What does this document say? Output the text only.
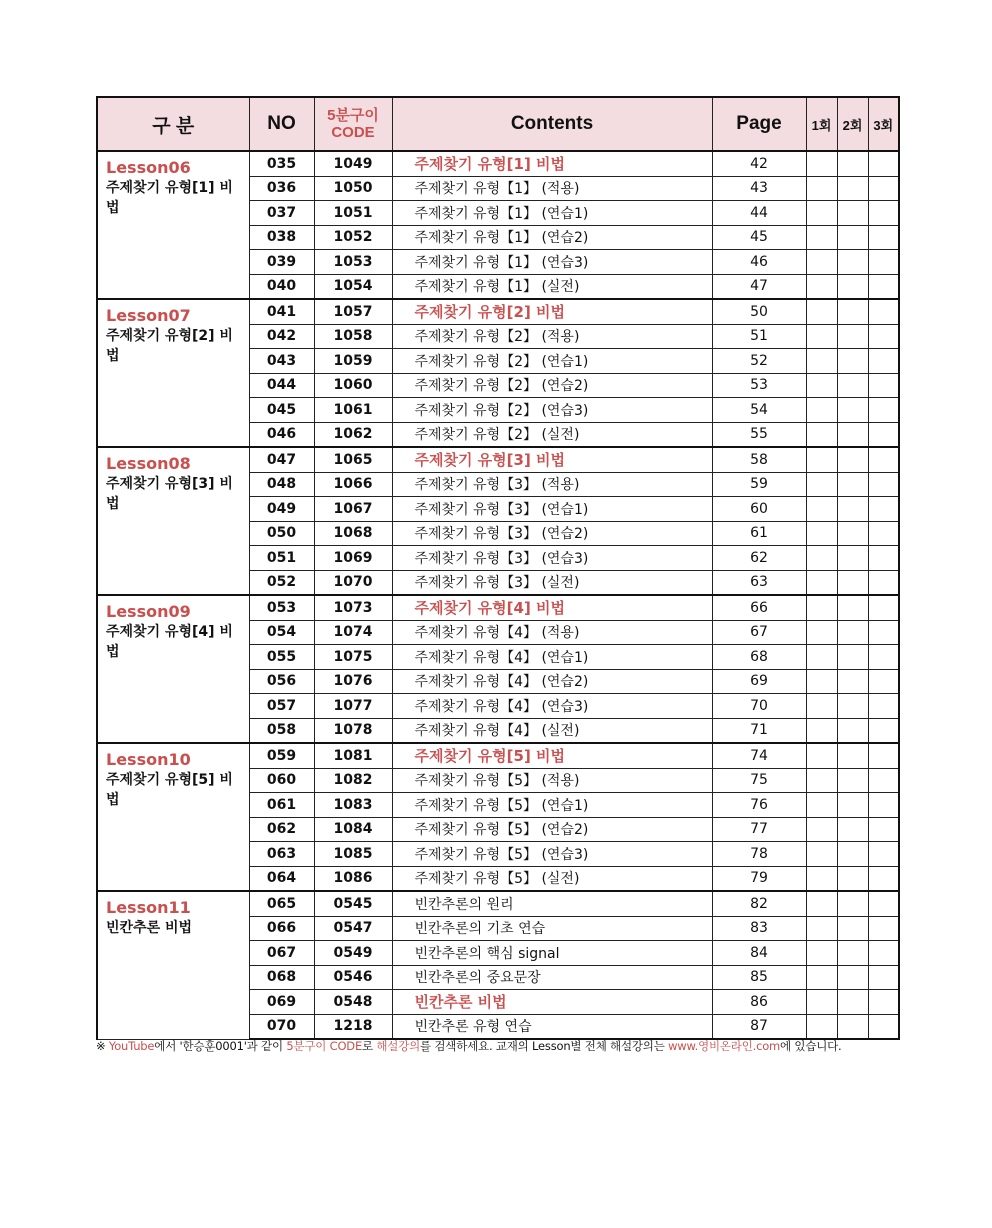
구 분	NO	5분구이 CODE	Contents	Page	1회	2회	3회

Lesson06
주제찾기 유형[1] 비법	035	1049	주제찾기 유형[1] 비법	42			
	036	1050	주제찾기 유형【1】 (적용)	43			
	037	1051	주제찾기 유형【1】 (연습1)	44			
	038	1052	주제찾기 유형【1】 (연습2)	45			
	039	1053	주제찾기 유형【1】 (연습3)	46			
	040	1054	주제찾기 유형【1】 (실전)	47			

Lesson07
주제찾기 유형[2] 비법	041	1057	주제찾기 유형[2] 비법	50			
	042	1058	주제찾기 유형【2】 (적용)	51			
	043	1059	주제찾기 유형【2】 (연습1)	52			
	044	1060	주제찾기 유형【2】 (연습2)	53			
	045	1061	주제찾기 유형【2】 (연습3)	54			
	046	1062	주제찾기 유형【2】 (실전)	55			

Lesson08
주제찾기 유형[3] 비법	047	1065	주제찾기 유형[3] 비법	58			
	048	1066	주제찾기 유형【3】 (적용)	59			
	049	1067	주제찾기 유형【3】 (연습1)	60			
	050	1068	주제찾기 유형【3】 (연습2)	61			
	051	1069	주제찾기 유형【3】 (연습3)	62			
	052	1070	주제찾기 유형【3】 (실전)	63			

Lesson09
주제찾기 유형[4] 비법	053	1073	주제찾기 유형[4] 비법	66			
	054	1074	주제찾기 유형【4】 (적용)	67			
	055	1075	주제찾기 유형【4】 (연습1)	68			
	056	1076	주제찾기 유형【4】 (연습2)	69			
	057	1077	주제찾기 유형【4】 (연습3)	70			
	058	1078	주제찾기 유형【4】 (실전)	71			

Lesson10
주제찾기 유형[5] 비법	059	1081	주제찾기 유형[5] 비법	74			
	060	1082	주제찾기 유형【5】 (적용)	75			
	061	1083	주제찾기 유형【5】 (연습1)	76			
	062	1084	주제찾기 유형【5】 (연습2)	77			
	063	1085	주제찾기 유형【5】 (연습3)	78			
	064	1086	주제찾기 유형【5】 (실전)	79			

Lesson11
빈칸추론 비법	065	0545	빈칸추론의 원리	82			
	066	0547	빈칸추론의 기초 연습	83			
	067	0549	빈칸추론의 핵심 signal	84			
	068	0546	빈칸추론의 중요문장	85			
	069	0548	빈칸추론 비법	86			
	070	1218	빈칸추론 유형 연습	87			
※ YouTube에서 '한승훈0001'과 같이 5분구이 CODE로 해설강의를 검색하세요. 교재의 Lesson별 전체 해설강의는 www.영비온라인.com에 있습니다.
